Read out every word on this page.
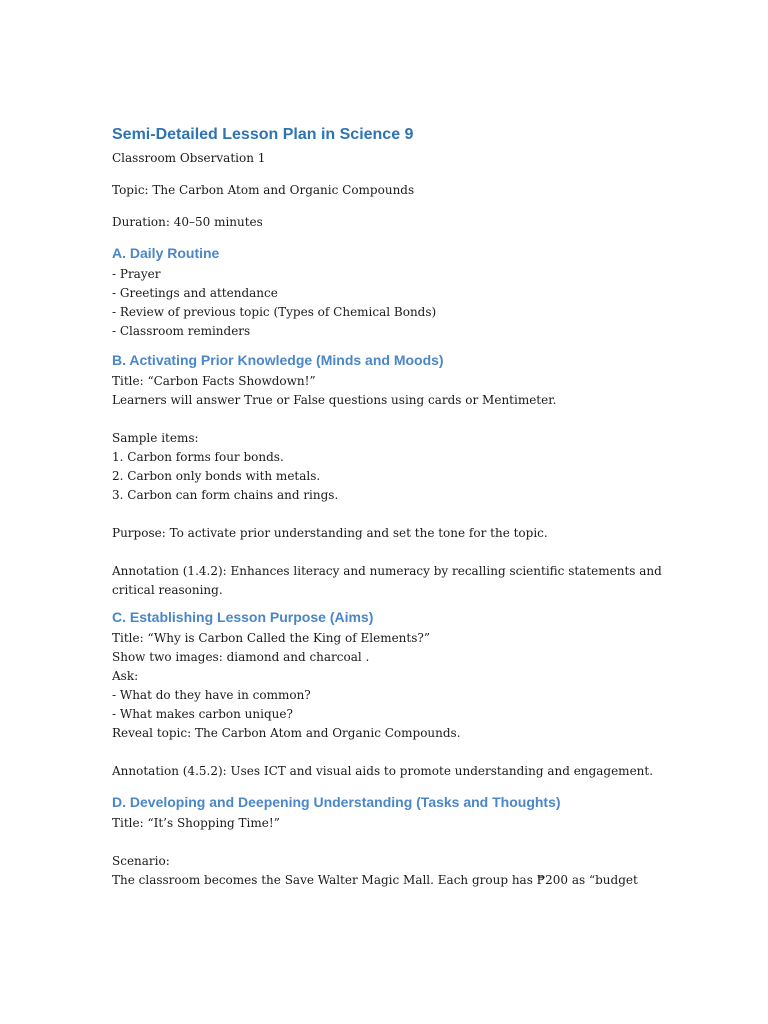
Semi-Detailed Lesson Plan in Science 9

Classroom Observation 1

Topic: The Carbon Atom and Organic Compounds

Duration: 40–50 minutes

A. Daily Routine

- Prayer

- Greetings and attendance

- Review of previous topic (Types of Chemical Bonds)

- Classroom reminders

B. Activating Prior Knowledge (Minds and Moods)

Title: “Carbon Facts Showdown!”

Learners will answer True or False questions using cards or Mentimeter.

Sample items:

1. Carbon forms four bonds.

2. Carbon only bonds with metals.

3. Carbon can form chains and rings.

Purpose: To activate prior understanding and set the tone for the topic.

Annotation (1.4.2): Enhances literacy and numeracy by recalling scientific statements and

critical reasoning.

C. Establishing Lesson Purpose (Aims)

Title: “Why is Carbon Called the King of Elements?”

Show two images: diamond and charcoal .

Ask:

- What do they have in common?

- What makes carbon unique?

Reveal topic: The Carbon Atom and Organic Compounds.

Annotation (4.5.2): Uses ICT and visual aids to promote understanding and engagement.

D. Developing and Deepening Understanding (Tasks and Thoughts)

Title: “It’s Shopping Time!”

Scenario:

The classroom becomes the Save Walter Magic Mall. Each group has ₱200 as “budget
